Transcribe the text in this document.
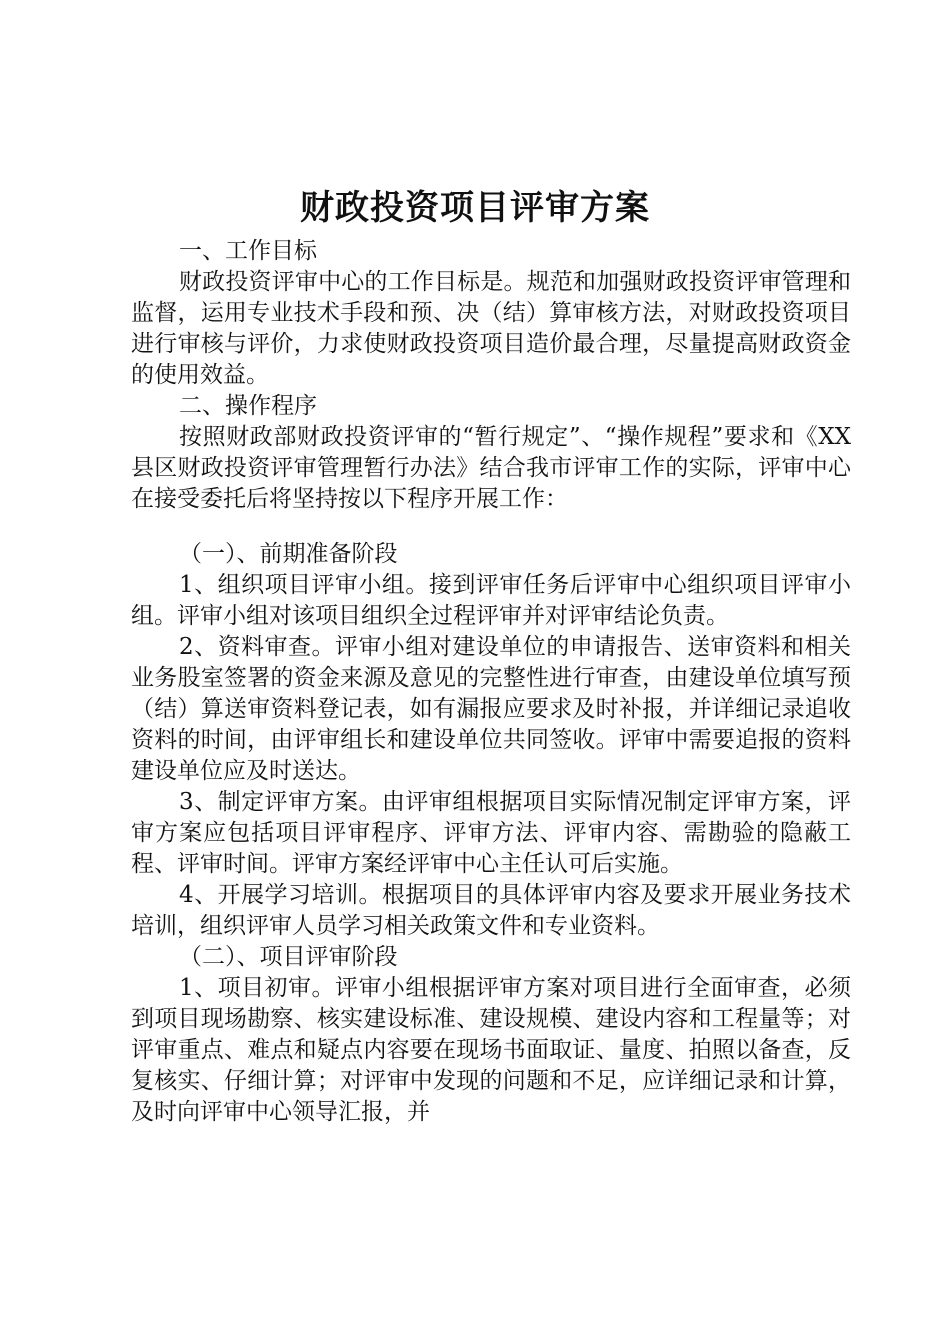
财政投资项目评审方案

一、工作目标

财政投资评审中心的工作目标是。规范和加强财政投资评审管理和监督，运用专业技术手段和预、决（结）算审核方法，对财政投资项目进行审核与评价，力求使财政投资项目造价最合理，尽量提高财政资金的使用效益。

二、操作程序

按照财政部财政投资评审的“暂行规定”、“操作规程”要求和《XX县区财政投资评审管理暂行办法》结合我市评审工作的实际，评审中心在接受委托后将坚持按以下程序开展工作：

（一）、前期准备阶段

1、组织项目评审小组。接到评审任务后评审中心组织项目评审小组。评审小组对该项目组织全过程评审并对评审结论负责。

2、资料审查。评审小组对建设单位的申请报告、送审资料和相关业务股室签署的资金来源及意见的完整性进行审查，由建设单位填写预（结）算送审资料登记表，如有漏报应要求及时补报，并详细记录追收资料的时间，由评审组长和建设单位共同签收。评审中需要追报的资料建设单位应及时送达。

3、制定评审方案。由评审组根据项目实际情况制定评审方案，评审方案应包括项目评审程序、评审方法、评审内容、需勘验的隐蔽工程、评审时间。评审方案经评审中心主任认可后实施。

4、开展学习培训。根据项目的具体评审内容及要求开展业务技术培训，组织评审人员学习相关政策文件和专业资料。

（二）、项目评审阶段

1、项目初审。评审小组根据评审方案对项目进行全面审查，必须到项目现场勘察、核实建设标准、建设规模、建设内容和工程量等；对评审重点、难点和疑点内容要在现场书面取证、量度、拍照以备查，反复核实、仔细计算；对评审中发现的问题和不足，应详细记录和计算，及时向评审中心领导汇报，并
